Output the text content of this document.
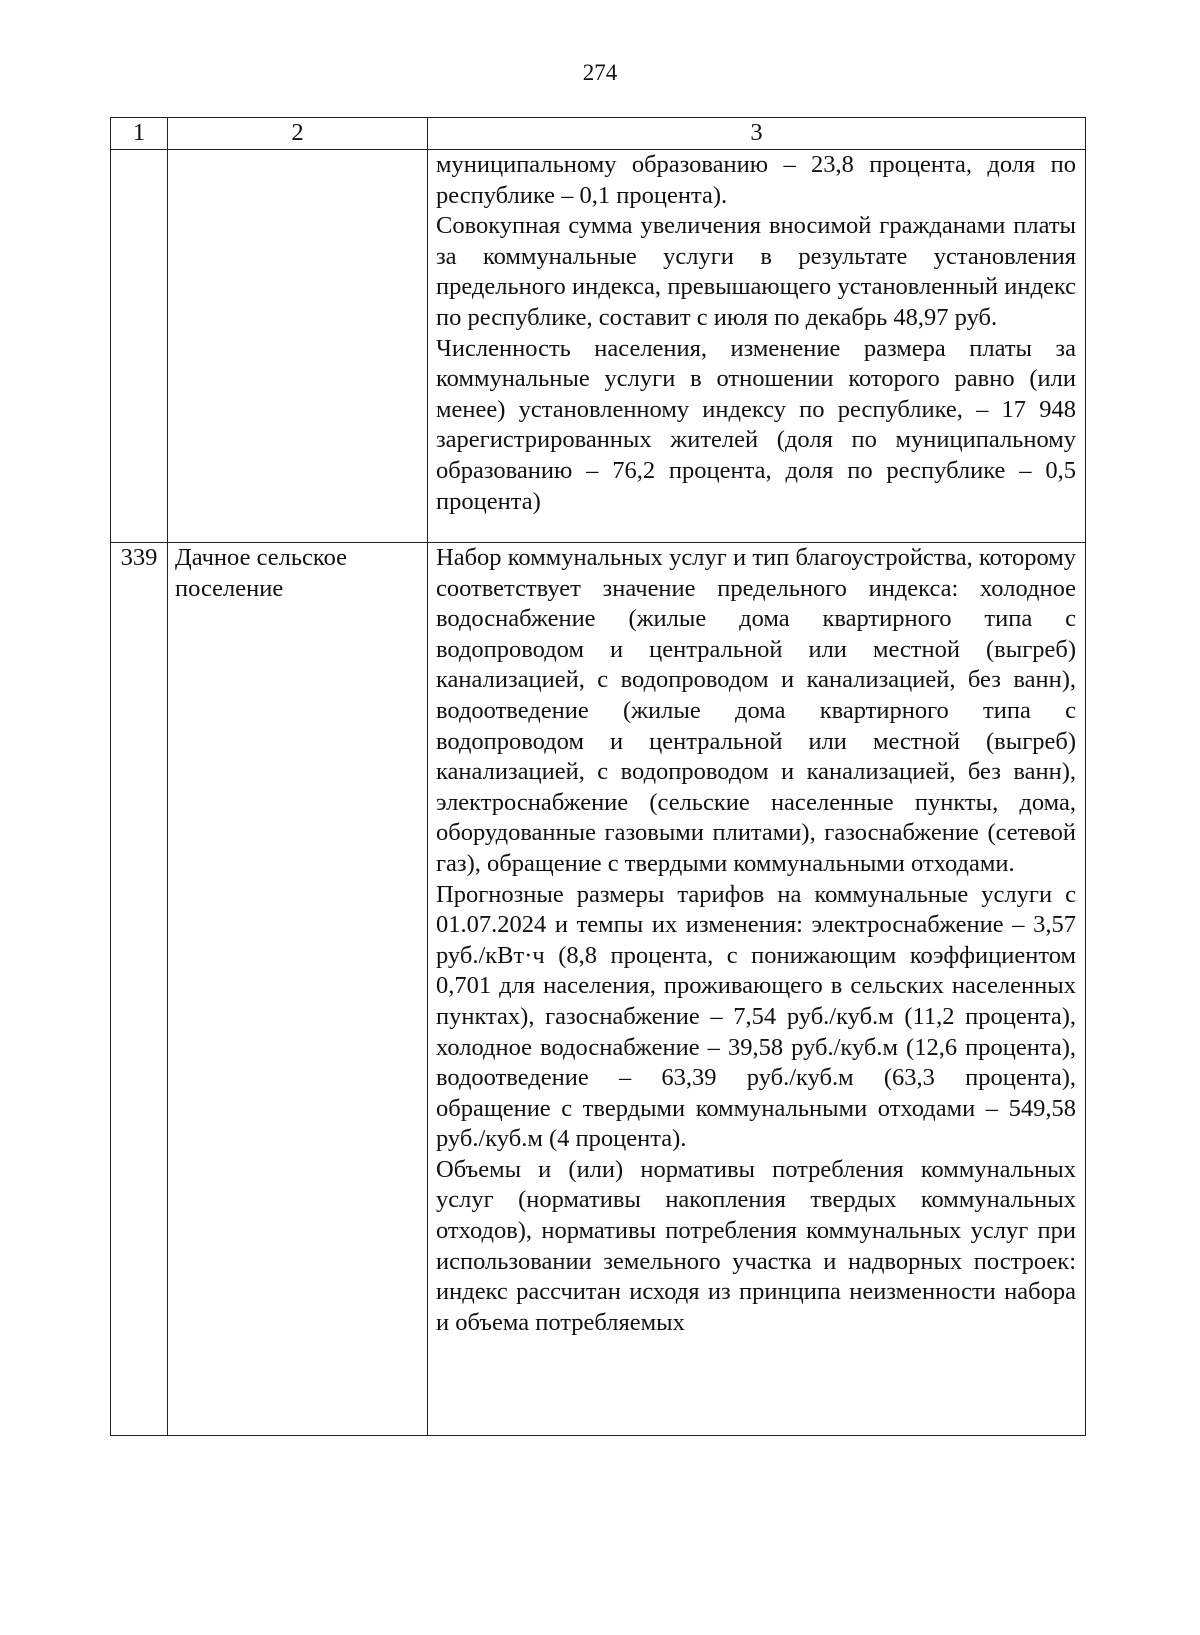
274
1	2	3

		муниципальному образованию – 23,8 процента, доля по республике – 0,1 процента).

Совокупная сумма увеличения вносимой гражданами платы за коммунальные услуги в результате установления предельного индекса, превышающего установленный индекс по республике, составит с июля по декабрь 48,97 руб.

Численность населения, изменение размера платы за коммунальные услуги в отношении которого равно (или менее) установленному индексу по республике, – 17 948 зарегистрированных жителей (доля по муниципальному образованию – 76,2 процента, доля по республике – 0,5 процента)

339	Дачное сельское поселение	Набор коммунальных услуг и тип благоустройства, которому соответствует значение предельного индекса: холодное водоснабжение (жилые дома квартирного типа с водопроводом и центральной или местной (выгреб) канализацией, с водопроводом и канализацией, без ванн), водоотведение (жилые дома квартирного типа с водопроводом и центральной или местной (выгреб) канализацией, с водопроводом и канализацией, без ванн), электроснабжение (сельские населенные пункты, дома, оборудованные газовыми плитами), газоснабжение (сетевой газ), обращение с твердыми коммунальными отходами.

Прогнозные размеры тарифов на коммунальные услуги с 01.07.2024 и темпы их изменения: электроснабжение – 3,57 руб./кВт·ч (8,8 процента, с понижающим коэффициентом 0,701 для населения, проживающего в сельских населенных пунктах), газоснабжение – 7,54 руб./куб.м (11,2 процента), холодное водоснабжение – 39,58 руб./куб.м (12,6 процента), водоотведение – 63,39 руб./куб.м (63,3 процента), обращение с твердыми коммунальными отходами – 549,58 руб./куб.м (4 процента).

Объемы и (или) нормативы потребления коммунальных услуг (нормативы накопления твердых коммунальных отходов), нормативы потребления коммунальных услуг при использовании земельного участка и надворных построек: индекс рассчитан исходя из принципа неизменности набора и объема потребляемых
